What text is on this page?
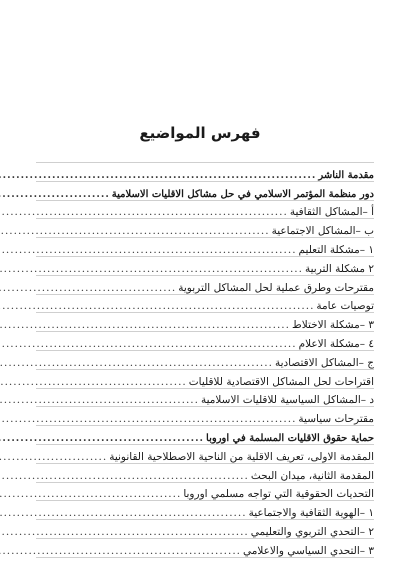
فهرس المواضيع
مقدمة الناشر
.....
دور منظمة المؤتمر الاسلامي في حل مشاكل الاقليات الاسلامية
.....
أ –المشاكل الثقافية
.....
ب –المشاكل الاجتماعية
.....
١ –مشكلة التعليم
.....
٢ مشكلة التربية
.....
مقترحات وطرق عملية لحل المشاكل التربوية
.....
توصيات عامة
.....
٣ –مشكلة الاختلاط
.....
٤ –مشكلة الاعلام
.....
ج –المشاكل الاقتصادية
.....
اقتراحات لحل المشاكل الاقتصادية للاقليات
.....
د –المشاكل السياسية للاقليات الاسلامية
.....
مقترحات سياسية
.....
حماية حقوق الاقليات المسلمة في اوروبا
.....
المقدمة الاولى، تعريف الاقلية من الناحية الاصطلاحية القانونية
.....
المقدمة الثانية، ميدان البحث
.....
التحديات الحقوقية التي تواجه مسلمي اوروبا
.....
١ –الهوية الثقافية والاجتماعية
.....
٢ –التحدي التربوي والتعليمي
.....
٣ –التحدي السياسي والاعلامي
.....
